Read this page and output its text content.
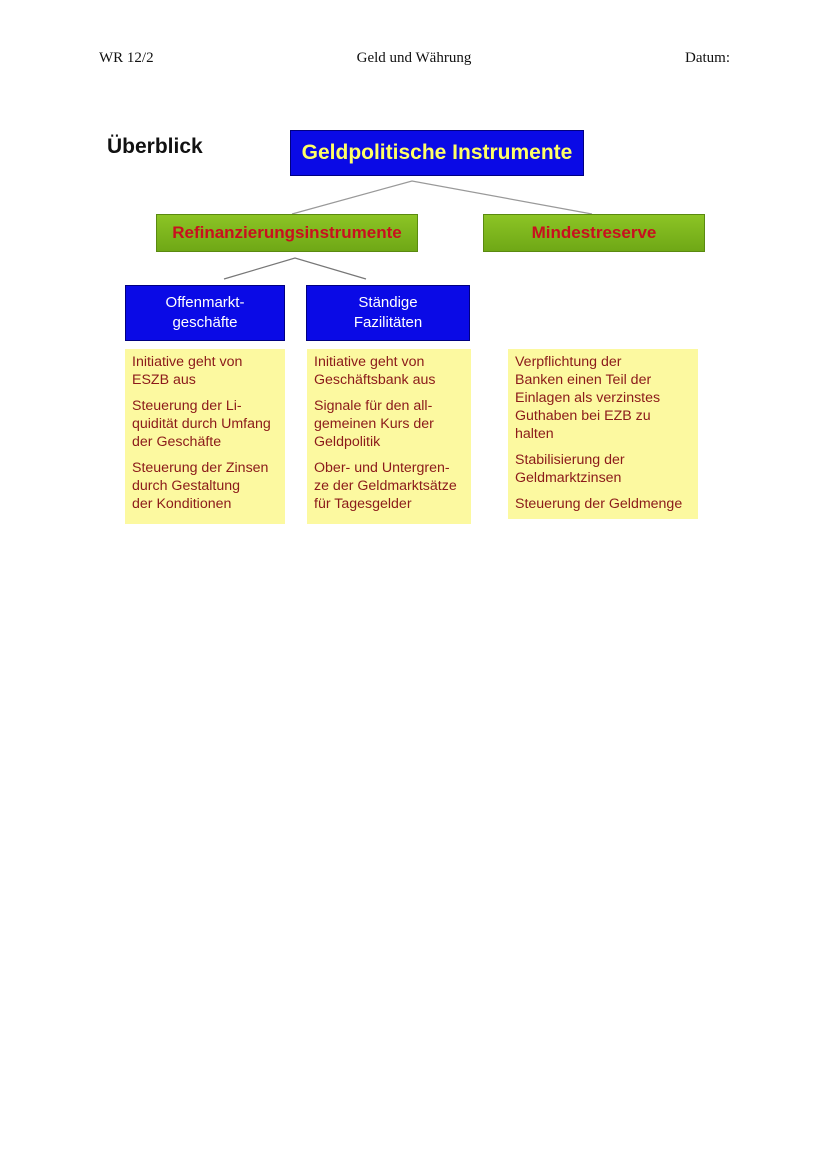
WR 12/2	Geld und Währung	Datum:
Überblick	Geldpolitische Instrumente
Refinanzierungsinstrumente	Mindestreserve
Offenmarkt-
geschäfte
Ständige
Fazilitäten

Initiative geht von
ESZB aus

Steuerung der Li-
quidität durch Umfang
der Geschäfte

Steuerung der Zinsen
durch Gestaltung
der Konditionen

Initiative geht von
Geschäftsbank aus

Signale für den all-
gemeinen Kurs der
Geldpolitik

Ober- und Untergren-
ze der Geldmarktsätze
für Tagesgelder

Verpflichtung der
Banken einen Teil der
Einlagen als verzinstes
Guthaben bei EZB zu
halten

Stabilisierung der
Geldmarktzinsen

Steuerung der Geldmenge
